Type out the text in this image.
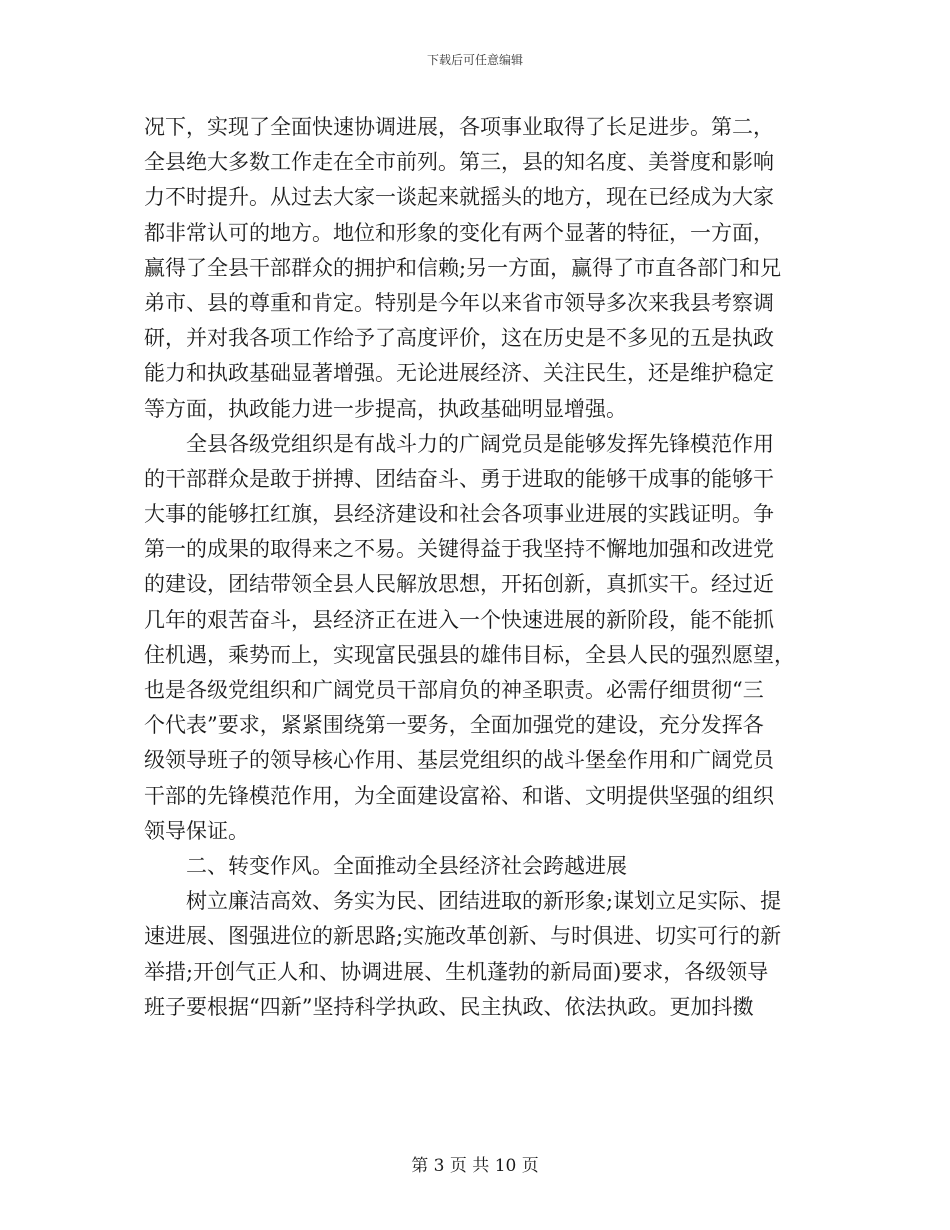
下载后可任意编辑
况下，实现了全面快速协调进展，各项事业取得了长足进步。第二，
全县绝大多数工作走在全市前列。第三，县的知名度、美誉度和影响
力不时提升。从过去大家一谈起来就摇头的地方，现在已经成为大家
都非常认可的地方。地位和形象的变化有两个显著的特征，一方面，
赢得了全县干部群众的拥护和信赖;另一方面，赢得了市直各部门和兄
弟市、县的尊重和肯定。特别是今年以来省市领导多次来我县考察调
研，并对我各项工作给予了高度评价，这在历史是不多见的五是执政
能力和执政基础显著增强。无论进展经济、关注民生，还是维护稳定
等方面，执政能力进一步提高，执政基础明显增强。
全县各级党组织是有战斗力的广阔党员是能够发挥先锋模范作用
的干部群众是敢于拼搏、团结奋斗、勇于进取的能够干成事的能够干
大事的能够扛红旗，县经济建设和社会各项事业进展的实践证明。争
第一的成果的取得来之不易。关键得益于我坚持不懈地加强和改进党
的建设，团结带领全县人民解放思想，开拓创新，真抓实干。经过近
几年的艰苦奋斗，县经济正在进入一个快速进展的新阶段，能不能抓
住机遇，乘势而上，实现富民强县的雄伟目标，全县人民的强烈愿望，
也是各级党组织和广阔党员干部肩负的神圣职责。必需仔细贯彻“三
个代表”要求，紧紧围绕第一要务，全面加强党的建设，充分发挥各
级领导班子的领导核心作用、基层党组织的战斗堡垒作用和广阔党员
干部的先锋模范作用，为全面建设富裕、和谐、文明提供坚强的组织
领导保证。
二、转变作风。全面推动全县经济社会跨越进展
树立廉洁高效、务实为民、团结进取的新形象;谋划立足实际、提
速进展、图强进位的新思路;实施改革创新、与时俱进、切实可行的新
举措;开创气正人和、协调进展、生机蓬勃的新局面)要求，各级领导
班子要根据“四新”坚持科学执政、民主执政、依法执政。更加抖擞
第 3 页 共 10 页
